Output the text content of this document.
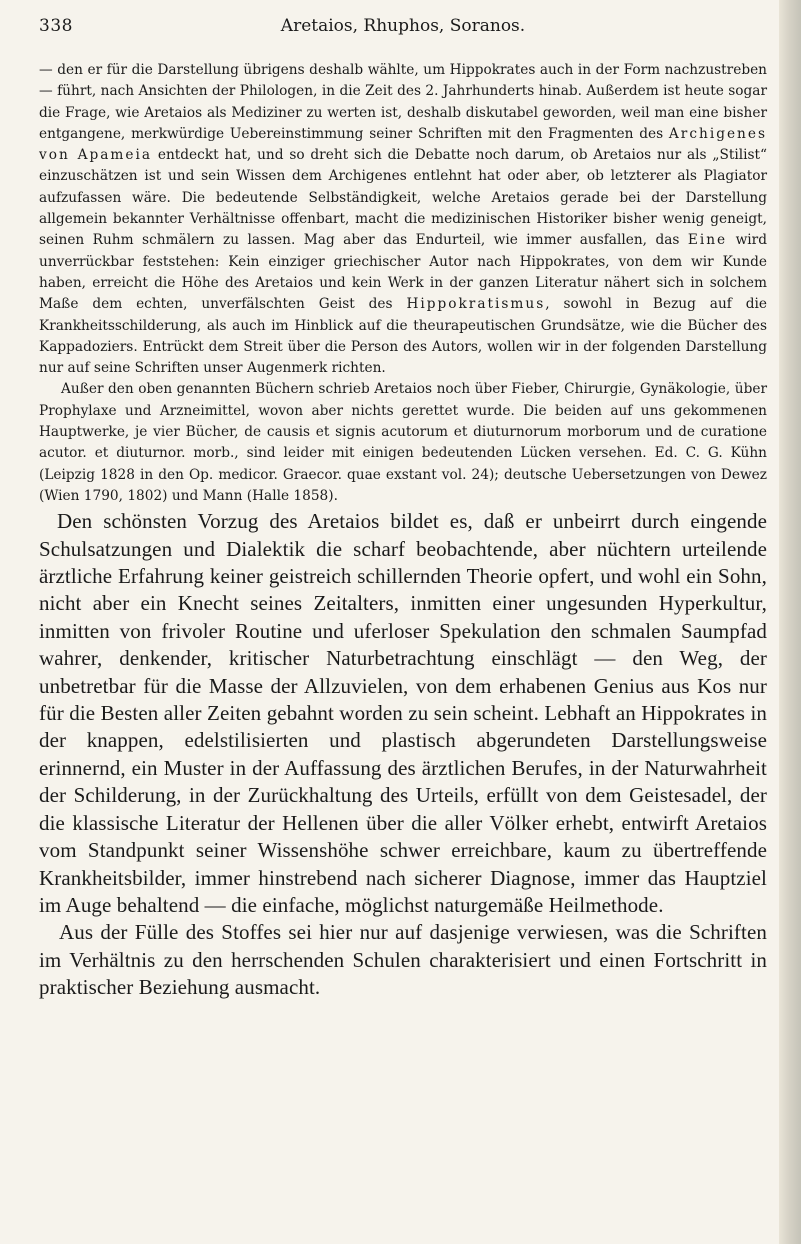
338	Aretaios, Rhuphos, Soranos.

— den er für die Darstellung übrigens deshalb wählte, um Hippokrates auch in der Form nachzustreben — führt, nach Ansichten der Philologen, in die Zeit des 2. Jahrhunderts hinab. Außerdem ist heute sogar die Frage, wie Aretaios als Mediziner zu werten ist, deshalb diskutabel geworden, weil man eine bisher entgangene, merkwürdige Uebereinstimmung seiner Schriften mit den Fragmenten des Archigenes von Apameia entdeckt hat, und so dreht sich die Debatte noch darum, ob Aretaios nur als „Stilist“ einzuschätzen ist und sein Wissen dem Archigenes entlehnt hat oder aber, ob letzterer als Plagiator aufzufassen wäre. Die bedeutende Selbständigkeit, welche Aretaios gerade bei der Darstellung allgemein bekannter Verhältnisse offenbart, macht die medizinischen Historiker bisher wenig geneigt, seinen Ruhm schmälern zu lassen. Mag aber das Endurteil, wie immer ausfallen, das Eine wird unverrückbar feststehen: Kein einziger griechischer Autor nach Hippokrates, von dem wir Kunde haben, erreicht die Höhe des Aretaios und kein Werk in der ganzen Literatur nähert sich in solchem Maße dem echten, unverfälschten Geist des Hippokratismus, sowohl in Bezug auf die Krankheitsschilderung, als auch im Hinblick auf die theurapeutischen Grundsätze, wie die Bücher des Kappadoziers. Entrückt dem Streit über die Person des Autors, wollen wir in der folgenden Darstellung nur auf seine Schriften unser Augenmerk richten.

Außer den oben genannten Büchern schrieb Aretaios noch über Fieber, Chirurgie, Gynäkologie, über Prophylaxe und Arzneimittel, wovon aber nichts gerettet wurde. Die beiden auf uns gekommenen Hauptwerke, je vier Bücher, de causis et signis acutorum et diuturnorum morborum und de curatione acutor. et diuturnor. morb., sind leider mit einigen bedeutenden Lücken versehen. Ed. C. G. Kühn (Leipzig 1828 in den Op. medicor. Graecor. quae exstant vol. 24); deutsche Uebersetzungen von Dewez (Wien 1790, 1802) und Mann (Halle 1858).

Den schönsten Vorzug des Aretaios bildet es, daß er unbeirrt durch eingende Schulsatzungen und Dialektik die scharf beobachtende, aber nüchtern urteilende ärztliche Erfahrung keiner geistreich schillernden Theorie opfert, und wohl ein Sohn, nicht aber ein Knecht seines Zeitalters, inmitten einer ungesunden Hyperkultur, inmitten von frivoler Routine und uferloser Spekulation den schmalen Saumpfad wahrer, denkender, kritischer Naturbetrachtung einschlägt — den Weg, der unbetretbar für die Masse der Allzuvielen, von dem erhabenen Genius aus Kos nur für die Besten aller Zeiten gebahnt worden zu sein scheint. Lebhaft an Hippokrates in der knappen, edelstilisierten und plastisch abgerundeten Darstellungsweise erinnernd, ein Muster in der Auffassung des ärztlichen Berufes, in der Naturwahrheit der Schilderung, in der Zurückhaltung des Urteils, erfüllt von dem Geistesadel, der die klassische Literatur der Hellenen über die aller Völker erhebt, entwirft Aretaios vom Standpunkt seiner Wissenshöhe schwer erreichbare, kaum zu übertreffende Krankheitsbilder, immer hinstrebend nach sicherer Diagnose, immer das Hauptziel im Auge behaltend — die einfache, möglichst naturgemäße Heilmethode.

Aus der Fülle des Stoffes sei hier nur auf dasjenige verwiesen, was die Schriften im Verhältnis zu den herrschenden Schulen charakterisiert und einen Fortschritt in praktischer Beziehung ausmacht.
